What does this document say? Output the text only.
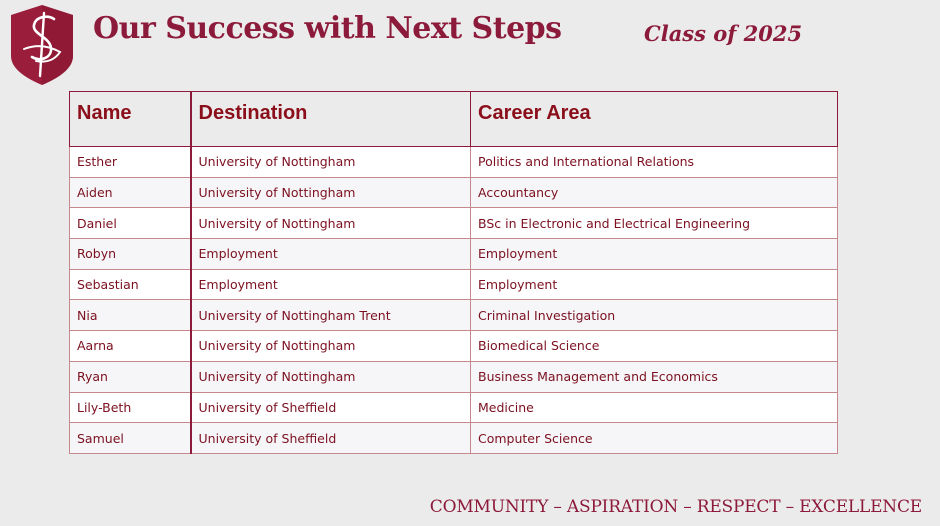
Our Success with Next Steps	Class of 2025
Name	Destination	Career Area
Esther	University of Nottingham	Politics and International Relations
Aiden	University of Nottingham	Accountancy
Daniel	University of Nottingham	BSc in Electronic and Electrical Engineering
Robyn	Employment	Employment
Sebastian	Employment	Employment
Nia	University of Nottingham Trent	Criminal Investigation
Aarna	University of Nottingham	Biomedical Science
Ryan	University of Nottingham	Business Management and Economics
Lily-Beth	University of Sheffield	Medicine
Samuel	University of Sheffield	Computer Science
COMMUNITY – ASPIRATION – RESPECT – EXCELLENCE
